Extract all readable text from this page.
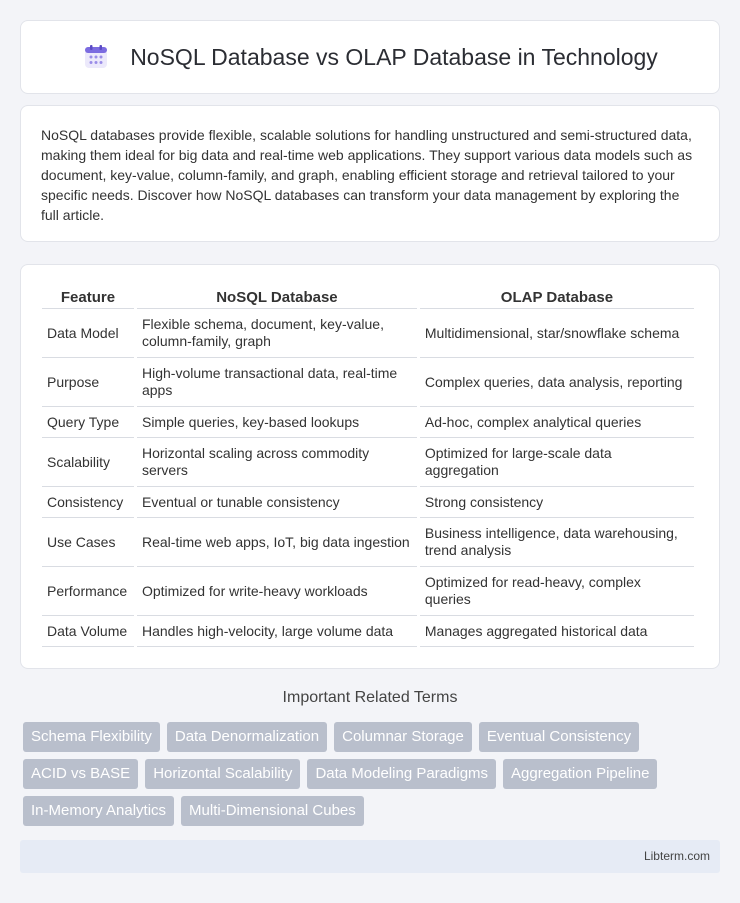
NoSQL Database vs OLAP Database in Technology

NoSQL databases provide flexible, scalable solutions for handling unstructured and semi-structured data, making them ideal for big data and real-time web applications. They support various data models such as document, key-value, column-family, and graph, enabling efficient storage and retrieval tailored to your specific needs. Discover how NoSQL databases can transform your data management by exploring the full article.

Feature	NoSQL Database	OLAP Database
Data Model	Flexible schema, document, key-value, column-family, graph	Multidimensional, star/snowflake schema
Purpose	High-volume transactional data, real-time apps	Complex queries, data analysis, reporting
Query Type	Simple queries, key-based lookups	Ad-hoc, complex analytical queries
Scalability	Horizontal scaling across commodity servers	Optimized for large-scale data aggregation
Consistency	Eventual or tunable consistency	Strong consistency
Use Cases	Real-time web apps, IoT, big data ingestion	Business intelligence, data warehousing, trend analysis
Performance	Optimized for write-heavy workloads	Optimized for read-heavy, complex queries
Data Volume	Handles high-velocity, large volume data	Manages aggregated historical data
Important Related Terms
Schema Flexibility	Data Denormalization	Columnar Storage	Eventual Consistency
ACID vs BASE	Horizontal Scalability	Data Modeling Paradigms	Aggregation Pipeline
In-Memory Analytics	Multi-Dimensional Cubes
Libterm.com
